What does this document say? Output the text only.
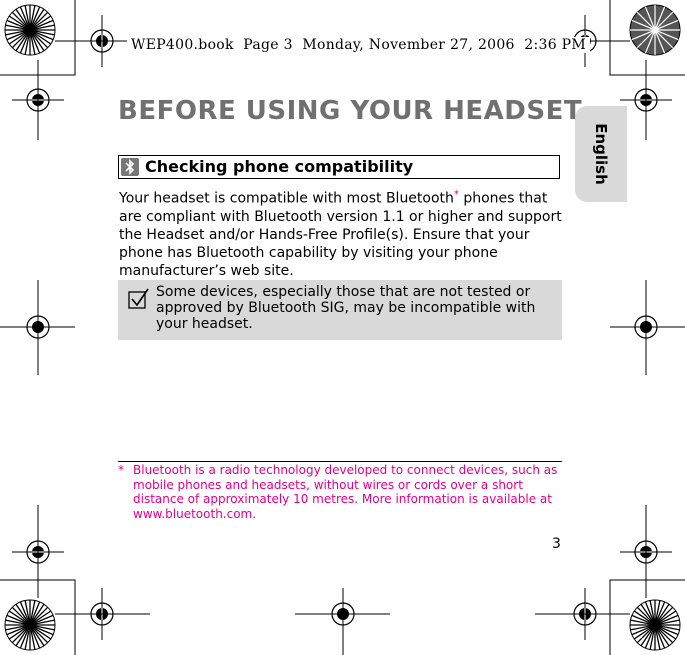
WEP400.book  Page 3  Monday, November 27, 2006  2:36 PM
English
BEFORE USING YOUR HEADSET
Checking phone compatibility
Your headset is compatible with most Bluetooth* phones that are compliant with Bluetooth version 1.1 or higher and support the Headset and/or Hands-Free Profile(s). Ensure that your phone has Bluetooth capability by visiting your phone manufacturer’s web site.
Some devices, especially those that are not tested or approved by Bluetooth SIG, may be incompatible with your headset.
* Bluetooth is a radio technology developed to connect devices, such as mobile phones and headsets, without wires or cords over a short distance of approximately 10 metres. More information is available at www.bluetooth.com.
3
